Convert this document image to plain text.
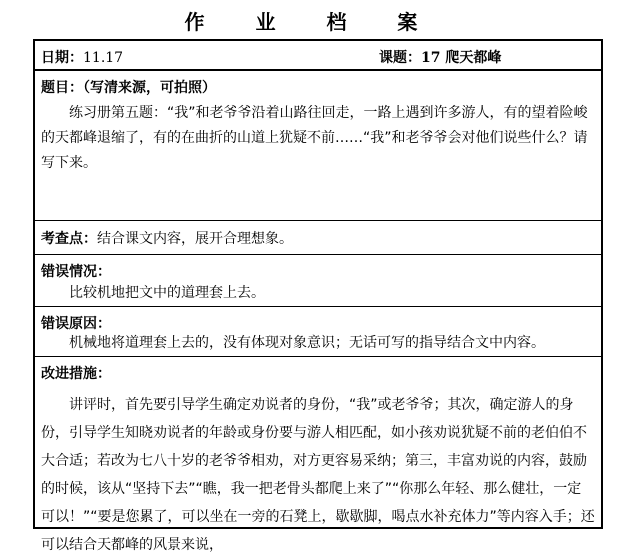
作 业 档 案
日期：11.17	课题：17 爬天都峰
题目：（写清来源，可拍照）
练习册第五题：“我”和老爷爷沿着山路往回走，一路上遇到许多游人，有的望着险峻的天都峰退缩了，有的在曲折的山道上犹疑不前……“我”和老爷爷会对他们说些什么？请写下来。
考查点：结合课文内容，展开合理想象。
错误情况：
比较机地把文中的道理套上去。
错误原因：
机械地将道理套上去的，没有体现对象意识；无话可写的指导结合文中内容。
改进措施：
讲评时，首先要引导学生确定劝说者的身份，“我”或老爷爷；其次，确定游人的身份，引导学生知晓劝说者的年龄或身份要与游人相匹配，如小孩劝说犹疑不前的老伯伯不大合适；若改为七八十岁的老爷爷相劝，对方更容易采纳；第三，丰富劝说的内容，鼓励的时候，该从“坚持下去”“瞧，我一把老骨头都爬上来了”“你那么年轻、那么健壮，一定可以！”“要是您累了，可以坐在一旁的石凳上，歇歇脚，喝点水补充体力”等内容入手；还可以结合天都峰的风景来说，
